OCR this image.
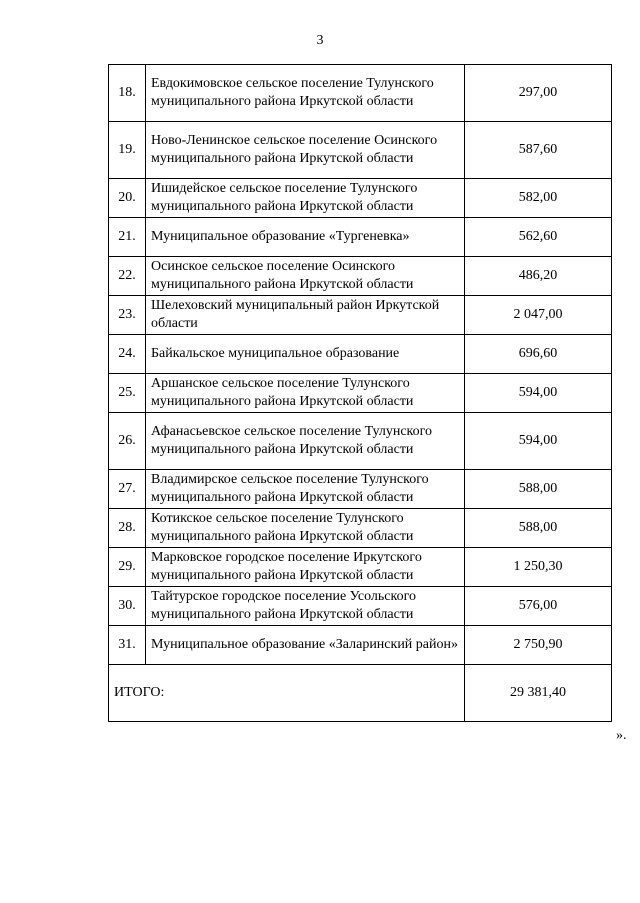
3
18.	Евдокимовское сельское поселение Тулунского муниципального района Иркутской области	297,00
19.	Ново-Ленинское сельское поселение Осинского муниципального района Иркутской области	587,60
20.	Ишидейское сельское поселение Тулунского муниципального района Иркутской области	582,00
21.	Муниципальное образование «Тургеневка»	562,60
22.	Осинское сельское поселение Осинского муниципального района Иркутской области	486,20
23.	Шелеховский муниципальный район Иркутской области	2 047,00
24.	Байкальское муниципальное образование	696,60
25.	Аршанское сельское поселение Тулунского муниципального района Иркутской области	594,00
26.	Афанасьевское сельское поселение Тулунского муниципального района Иркутской области	594,00
27.	Владимирское сельское поселение Тулунского муниципального района Иркутской области	588,00
28.	Котикское сельское поселение Тулунского муниципального района Иркутской области	588,00
29.	Марковское городское поселение Иркутского муниципального района Иркутской области	1 250,30
30.	Тайтурское городское поселение Усольского муниципального района Иркутской области	576,00
31.	Муниципальное образование «Заларинский район»	2 750,90
ИТОГО:		29 381,40
».
